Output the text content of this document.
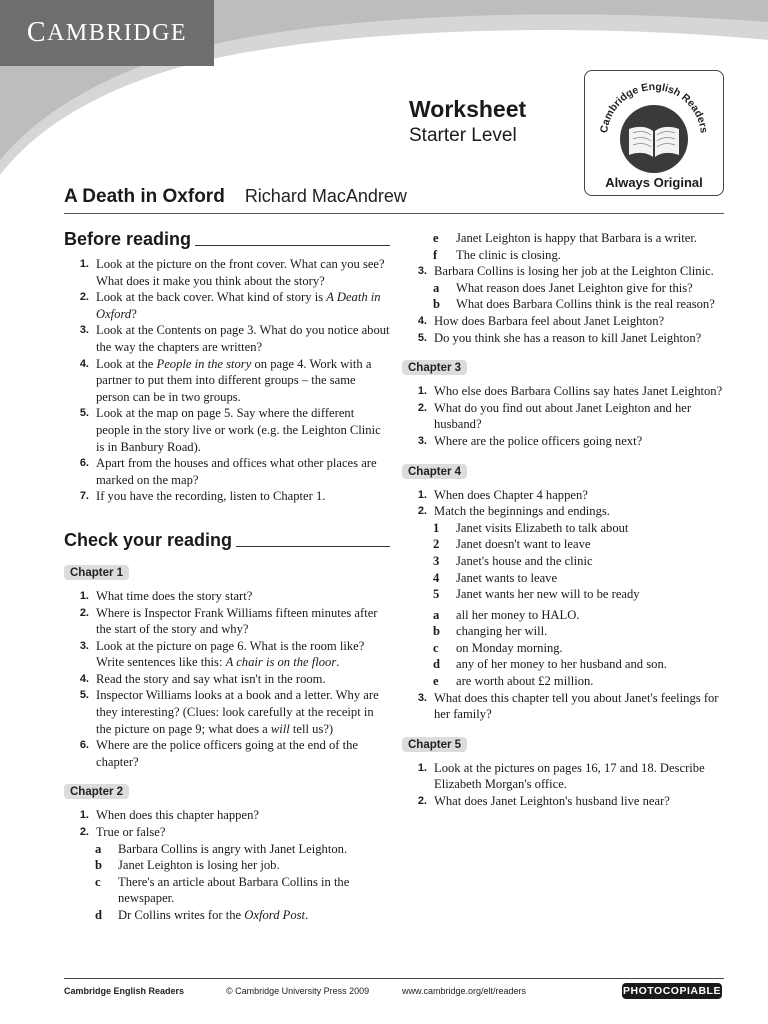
C AMBRIDGE
Worksheet
Starter Level	Cambridge English Readers
Always Original
A Death in Oxford Richard MacAndrew
Before reading
1. Look at the picture on the front cover. What can you see? What does it make you think about the story?
2. Look at the back cover. What kind of story is A Death in Oxford?
3. Look at the Contents on page 3. What do you notice about the way the chapters are written?
4. Look at the People in the story on page 4. Work with a partner to put them into different groups – the same person can be in two groups.
5. Look at the map on page 5. Say where the different people in the story live or work (e.g. the Leighton Clinic is in Banbury Road).
6. Apart from the houses and offices what other places are marked on the map?
7. If you have the recording, listen to Chapter 1.
Check your reading
Chapter 1
1. What time does the story start?
2. Where is Inspector Frank Williams fifteen minutes after the start of the story and why?
3. Look at the picture on page 6. What is the room like? Write sentences like this: A chair is on the floor.
4. Read the story and say what isn't in the room.
5. Inspector Williams looks at a book and a letter. Why are they interesting? (Clues: look carefully at the receipt in the picture on page 9; what does a will tell us?)
6. Where are the police officers going at the end of the chapter?
Chapter 2
1. When does this chapter happen?
2. True or false?
a	Barbara Collins is angry with Janet Leighton.
b	Janet Leighton is losing her job.
c	There's an article about Barbara Collins in the newspaper.
d	Dr Collins writes for the Oxford Post.
e	Janet Leighton is happy that Barbara is a writer.
f	The clinic is closing.
3. Barbara Collins is losing her job at the Leighton Clinic.
a	What reason does Janet Leighton give for this?
b	What does Barbara Collins think is the real reason?
4. How does Barbara feel about Janet Leighton?
5. Do you think she has a reason to kill Janet Leighton?
Chapter 3
1. Who else does Barbara Collins say hates Janet Leighton?
2. What do you find out about Janet Leighton and her husband?
3. Where are the police officers going next?
Chapter 4
1. When does Chapter 4 happen?
2. Match the beginnings and endings.
1	Janet visits Elizabeth to talk about
2	Janet doesn't want to leave
3	Janet's house and the clinic
4	Janet wants to leave
5	Janet wants her new will to be ready
a	all her money to HALO.
b	changing her will.
c	on Monday morning.
d	any of her money to her husband and son.
e	are worth about £2 million.
3. What does this chapter tell you about Janet's feelings for her family?
Chapter 5
1. Look at the pictures on pages 16, 17 and 18. Describe Elizabeth Morgan's office.
2. What does Janet Leighton's husband live near?
Cambridge English Readers	© Cambridge University Press 2009	www.cambridge.org/elt/readers	PHOTOCOPIABLE
